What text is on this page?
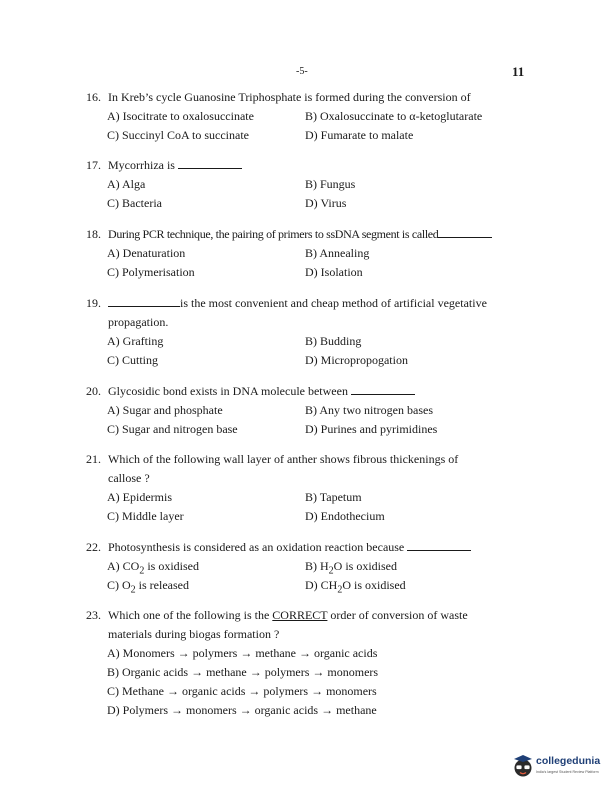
-5-	11
16. In Kreb’s cycle Guanosine Triphosphate is formed during the conversion of
A) Isocitrate to oxalosuccinate	B) Oxalosuccinate to α-ketoglutarate
C) Succinyl CoA to succinate	D) Fumarate to malate
17. Mycorrhiza is
A) Alga	B) Fungus
C) Bacteria	D) Virus
18. During PCR technique, the pairing of primers to ssDNA segment is called
A) Denaturation	B) Annealing
C) Polymerisation	D) Isolation
19.	is the most convenient and cheap method of artificial vegetative
propagation.
A) Grafting	B) Budding
C) Cutting	D) Micropropogation
20. Glycosidic bond exists in DNA molecule between
A) Sugar and phosphate	B) Any two nitrogen bases
C) Sugar and nitrogen base	D) Purines and pyrimidines
21. Which of the following wall layer of anther shows fibrous thickenings of
callose ?
A) Epidermis	B) Tapetum
C) Middle layer	D) Endothecium
22. Photosynthesis is considered as an oxidation reaction because
A) $CO_2$ is oxidised	B) $H_2O$ is oxidised
C) $O_2$ is released	D) $CH_2O$ is oxidised
23. Which one of the following is the CORRECT order of conversion of waste
materials during biogas formation ?
A) Monomers → polymers → methane → organic acids
B) Organic acids → methane → polymers → monomers
C) Methane → organic acids → polymers → monomers
D) Polymers → monomers → organic acids → methane
collegedunia
India's largest Student Review Platform
